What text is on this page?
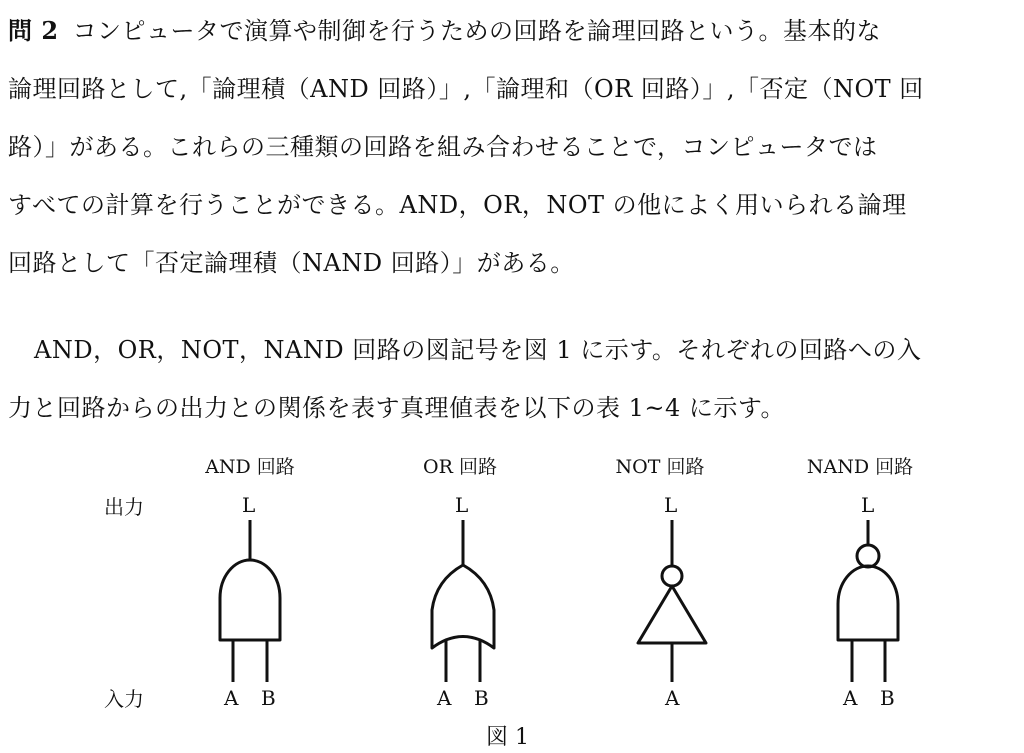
問 2 コンピュータで演算や制御を行うための回路を論理回路という。基本的な
論理回路として,「論理積（AND 回路）」,「論理和（OR 回路）」,「否定（NOT 回
路）」がある。これらの三種類の回路を組み合わせることで，コンピュータでは
すべての計算を行うことができる。AND，OR，NOT の他によく用いられる論理
回路として「否定論理積（NAND 回路）」がある。
AND，OR，NOT，NAND 回路の図記号を図 1 に示す。それぞれの回路への入
力と回路からの出力との関係を表す真理値表を以下の表 1~4 に示す。
AND 回路	OR 回路	NOT 回路	NAND 回路
出力
入力
L	L	L	L
A B	A B	A	A B
図 1
